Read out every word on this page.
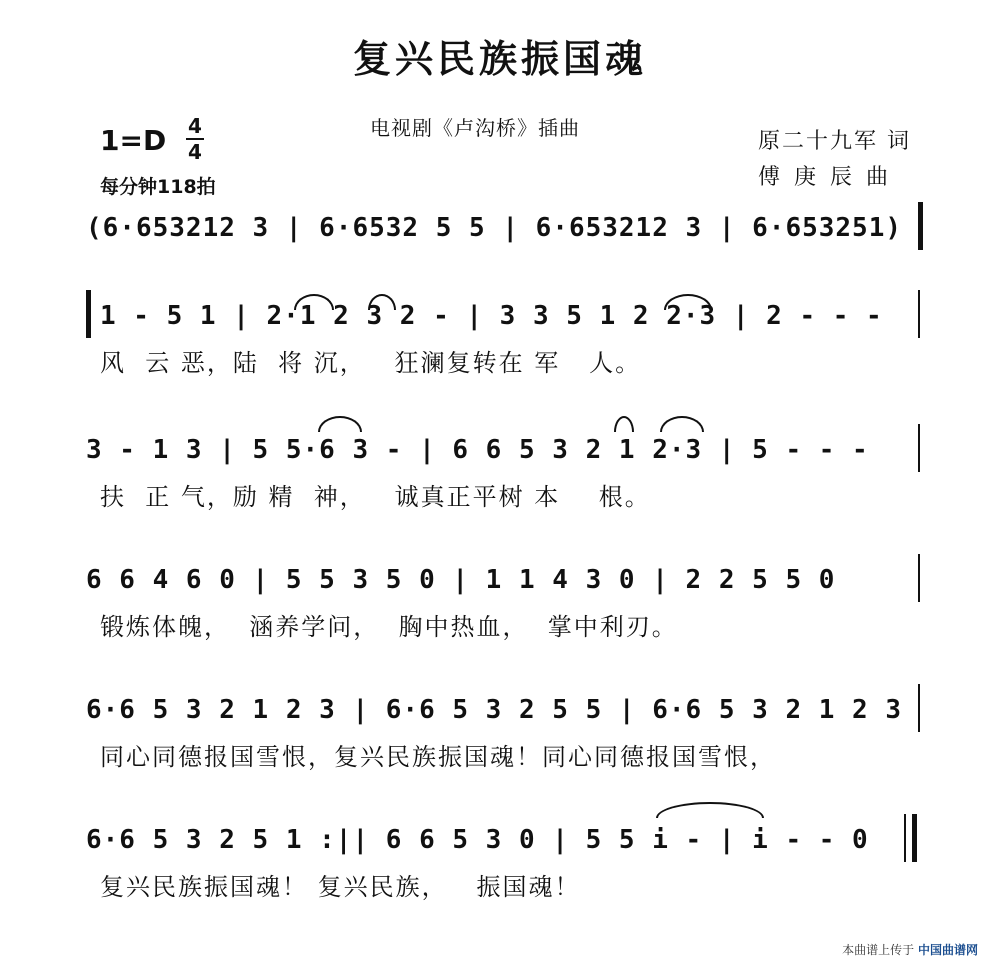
复兴民族振国魂
电视剧《卢沟桥》插曲
1=D 4
4
每分钟118拍
原二十九军 词
傅庚辰曲
(6·653212 3 | 6·6532 5 5 | 6·653212 3 | 6·653251)
1 - 5 1 | 2·1 2 3 2 - | 3 3 5 1 2 2·3 | 2 - - -
风  云 恶，陆  将 沉，   狂澜复转在 军   人。
3 - 1 3 | 5 5·6 3 - | 6 6 5 3 2 1 2·3 | 5 - - -
扶  正 气，励 精  神，   诚真正平树 本    根。
6 6 4 6 0 | 5 5 3 5 0 | 1 1 4 3 0 | 2 2 5 5 0
锻炼体魄，  涵养学问，  胸中热血，  掌中利刃。
6·6 5 3 2 1 2 3 | 6·6 5 3 2 5 5 | 6·6 5 3 2 1 2 3
同心同德报国雪恨，复兴民族振国魂！同心同德报国雪恨，
6·6 5 3 2 5 1 :|| 6 6 5 3 0 | 5 5 i - | i - - 0
复兴民族振国魂！ 复兴民族，   振国魂！
本曲谱上传于 中国曲谱网
